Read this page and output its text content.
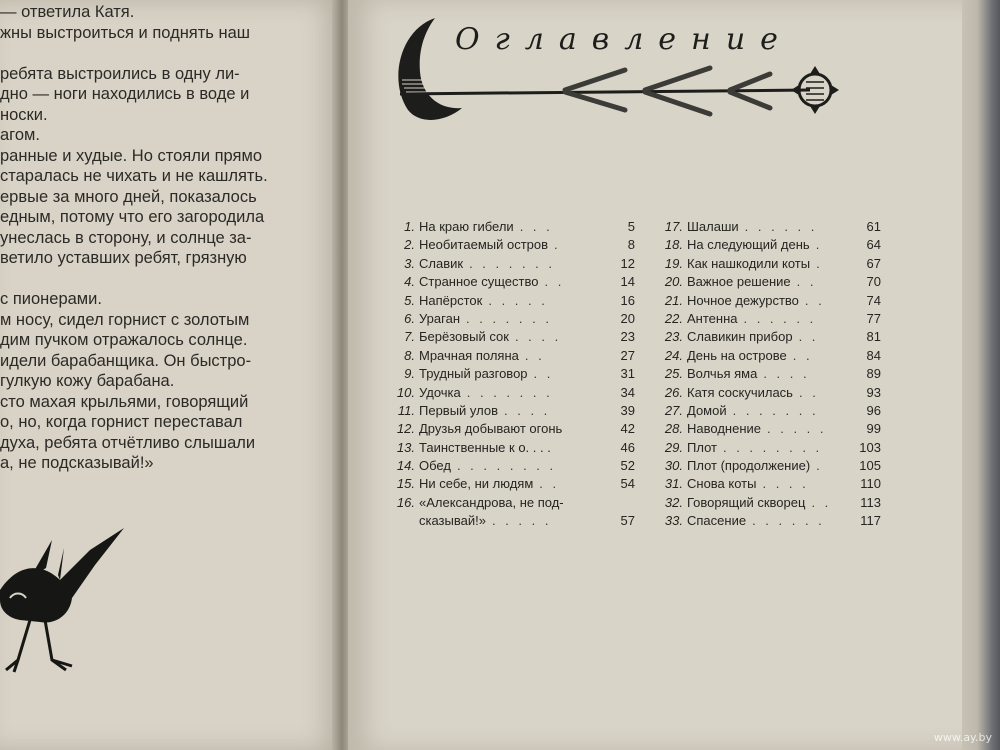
— ответила Катя.
жны выстроиться и поднять наш
ребята выстроились в одну ли-
дно — ноги находились в воде и
носки.
агом.
ранные и худые. Но стояли прямо
старалась не чихать и не кашлять.
ервые за много дней, показалось
едным, потому что его загородила
унеслась в сторону, и солнце за-
ветило уставших ребят, грязную
с пионерами.
м носу, сидел горнист с золотым
дим пучком отражалось солнце.
идели барабанщика. Он быстро-
гулкую кожу барабана.
сто махая крыльями, говорящий
о, но, когда горнист переставал
духа, ребята отчётливо слышали
а, не подсказывай!»
Оглавление
1. На краю гибели . . .	5
2. Необитаемый остров .	8
3. Славик . . . . . . .	12
4. Странное существо . .	14
5. Напёрсток . . . . .	16
6. Ураган . . . . . . .	20
7. Берёзовый сок . . . .	23
8. Мрачная поляна . .	27
9. Трудный разговор . .	31
10. Удочка . . . . . . .	34
11. Первый улов . . . .	39
12. Друзья добывают огонь	42
13. Таинственные к о. . . .	46
14. Обед . . . . . . . .	52
15. Ни себе, ни людям . .	54
16. «Александрова, не под-
сказывай!» . . . . .	57
17. Шалаши . . . . . .	61
18. На следующий день .	64
19. Как нашкодили коты .	67
20. Важное решение . .	70
21. Ночное дежурство . .	74
22. Антенна . . . . . .	77
23. Славикин прибор . .	81
24. День на острове . .	84
25. Волчья яма . . . .	89
26. Катя соскучилась . .	93
27. Домой . . . . . . .	96
28. Наводнение . . . . .	99
29. Плот . . . . . . . .	103
30. Плот (продолжение) .	105
31. Снова коты . . . .	110
32. Говорящий скворец . . 113
33. Спасение . . . . . .	117
www.ay.by
